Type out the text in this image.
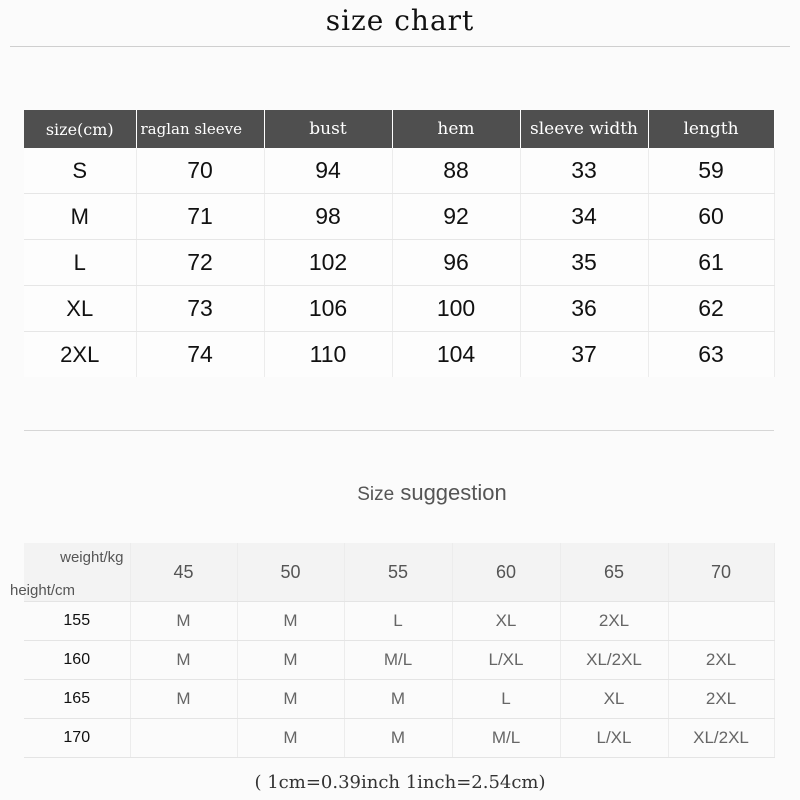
size chart
size(cm)	raglan sleeve	bust	hem	sleeve width	length
S	70	94	88	33	59
M	71	98	92	34	60
L	72	102	96	35	61
XL	73	106	100	36	62
2XL	74	110	104	37	63
Size suggestion
weight/kg
height/cm	45	50	55	60	65	70
155	M	M	L	XL	2XL	
160	M	M	M/L	L/XL	XL/2XL	2XL
165	M	M	M	L	XL	2XL
170		M	M	M/L	L/XL	XL/2XL
( 1cm=0.39inch 1inch=2.54cm)
